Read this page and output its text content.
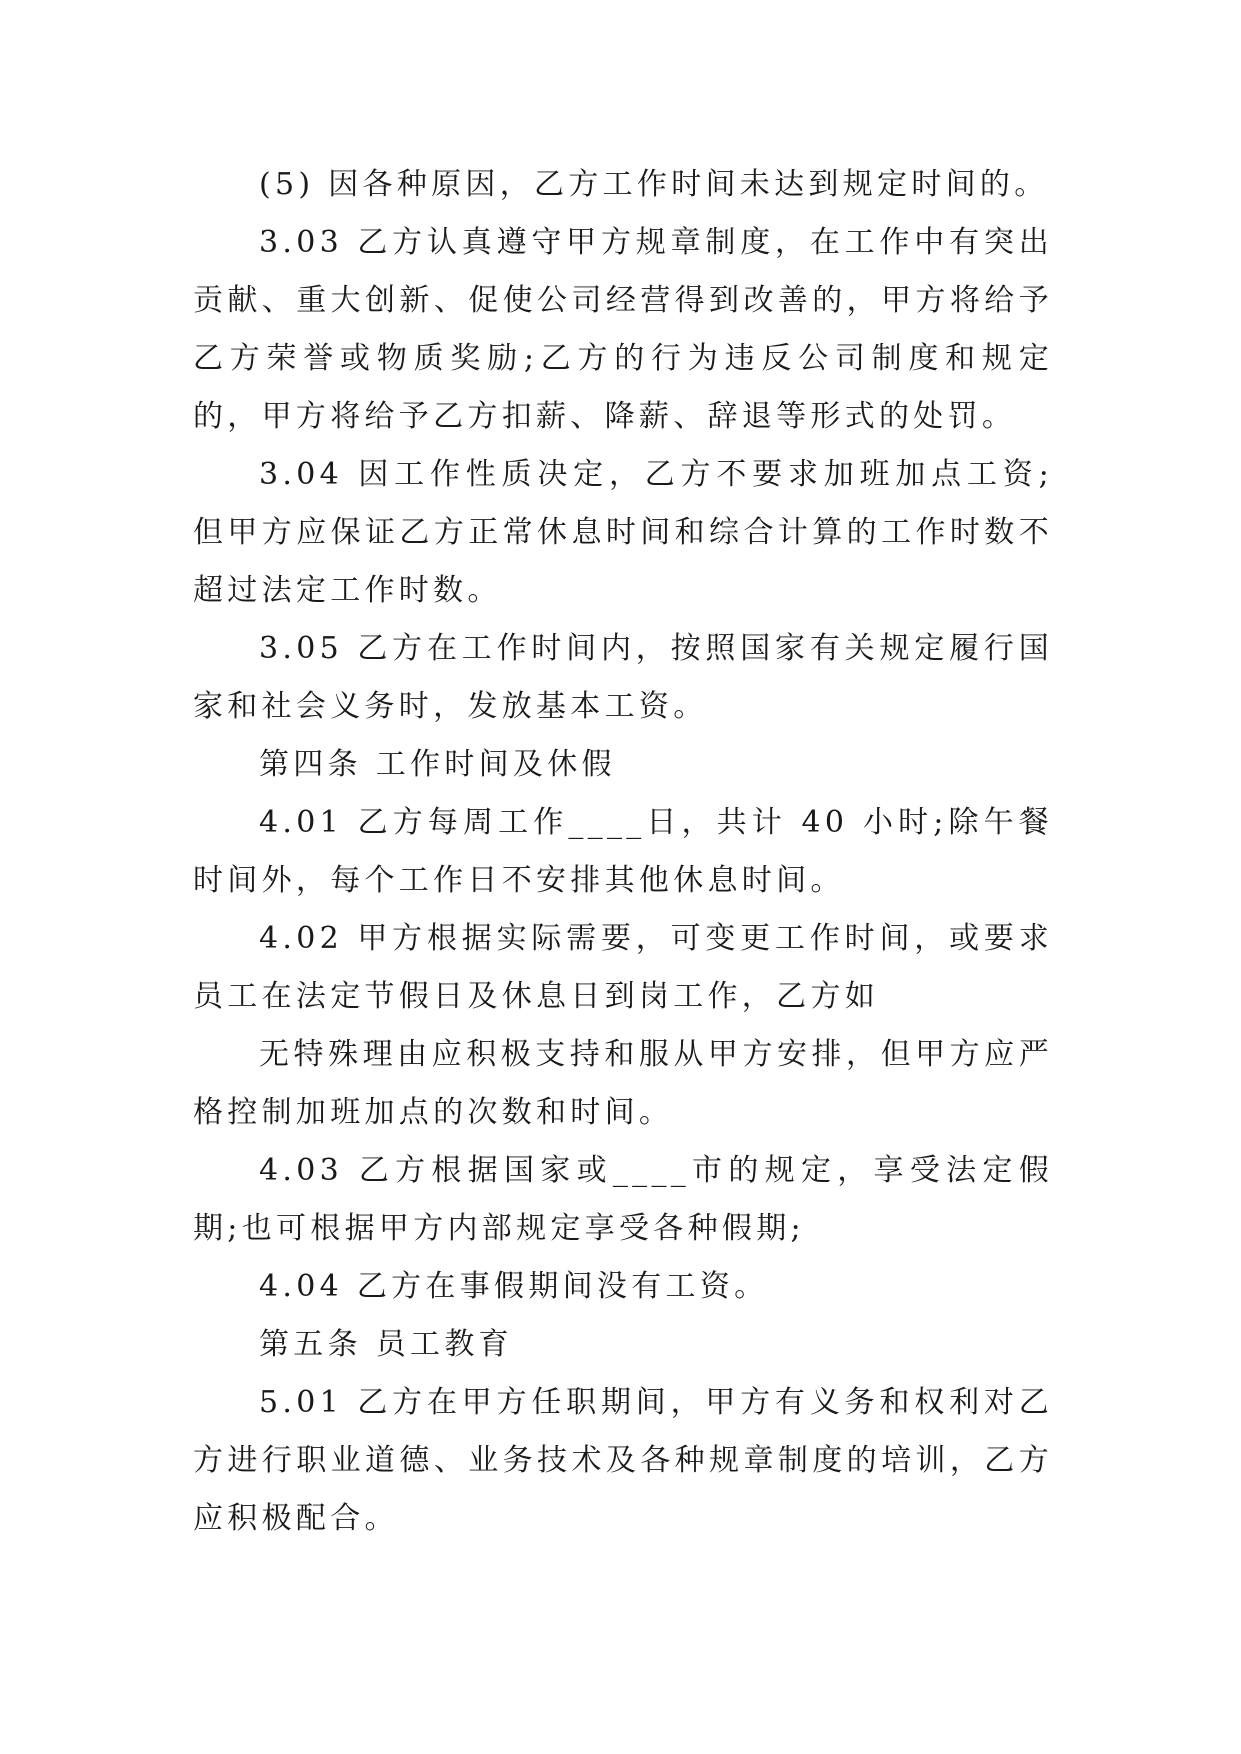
(5) 因各种原因，乙方工作时间未达到规定时间的。

3.03 乙方认真遵守甲方规章制度，在工作中有突出贡献、重大创新、促使公司经营得到改善的，甲方将给予乙方荣誉或物质奖励;乙方的行为违反公司制度和规定的，甲方将给予乙方扣薪、降薪、辞退等形式的处罚。

3.04 因工作性质决定，乙方不要求加班加点工资;但甲方应保证乙方正常休息时间和综合计算的工作时数不超过法定工作时数。

3.05 乙方在工作时间内，按照国家有关规定履行国家和社会义务时，发放基本工资。

第四条 工作时间及休假

4.01 乙方每周工作____日，共计 40 小时;除午餐时间外，每个工作日不安排其他休息时间。

4.02 甲方根据实际需要，可变更工作时间，或要求员工在法定节假日及休息日到岗工作，乙方如

无特殊理由应积极支持和服从甲方安排，但甲方应严格控制加班加点的次数和时间。

4.03 乙方根据国家或____市的规定，享受法定假期;也可根据甲方内部规定享受各种假期;

4.04 乙方在事假期间没有工资。

第五条 员工教育

5.01 乙方在甲方任职期间，甲方有义务和权利对乙方进行职业道德、业务技术及各种规章制度的培训，乙方应积极配合。
